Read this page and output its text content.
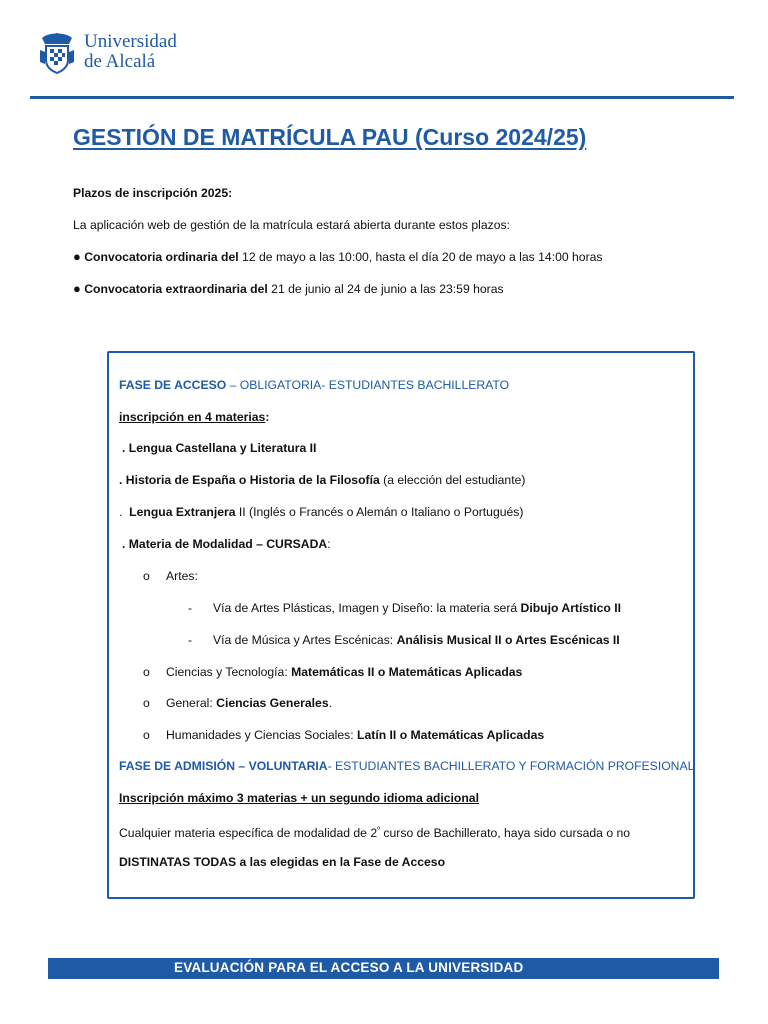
Universidad
de Alcalá
GESTIÓN DE MATRÍCULA PAU (Curso 2024/25)
Plazos de inscripción 2025:
La aplicación web de gestión de la matrícula estará abierta durante estos plazos:
● Convocatoria ordinaria del 12 de mayo a las 10:00, hasta el día 20 de mayo a las 14:00 horas
● Convocatoria extraordinaria del 21 de junio al 24 de junio a las 23:59 horas
FASE DE ACCESO – OBLIGATORIA- ESTUDIANTES BACHILLERATO
inscripción en 4 materias:
. Lengua Castellana y Literatura II
. Historia de España o Historia de la Filosofía (a elección del estudiante)
. Lengua Extranjera II (Inglés o Francés o Alemán o Italiano o Portugués)
. Materia de Modalidad – CURSADA:
o Artes:
- Vía de Artes Plásticas, Imagen y Diseño: la materia será Dibujo Artístico II
- Vía de Música y Artes Escénicas: Análisis Musical II o Artes Escénicas II
o Ciencias y Tecnología: Matemáticas II o Matemáticas Aplicadas
o General: Ciencias Generales.
o Humanidades y Ciencias Sociales: Latín II o Matemáticas Aplicadas
FASE DE ADMISIÓN – VOLUNTARIA- ESTUDIANTES BACHILLERATO Y FORMACIÓN PROFESIONAL
Inscripción máximo 3 materias + un segundo idioma adicional
Cualquier materia específica de modalidad de $2^º$ curso de Bachillerato, haya sido cursada o no
DISTINATAS TODAS a las elegidas en la Fase de Acceso
EVALUACIÓN PARA EL ACCESO A LA UNIVERSIDAD
